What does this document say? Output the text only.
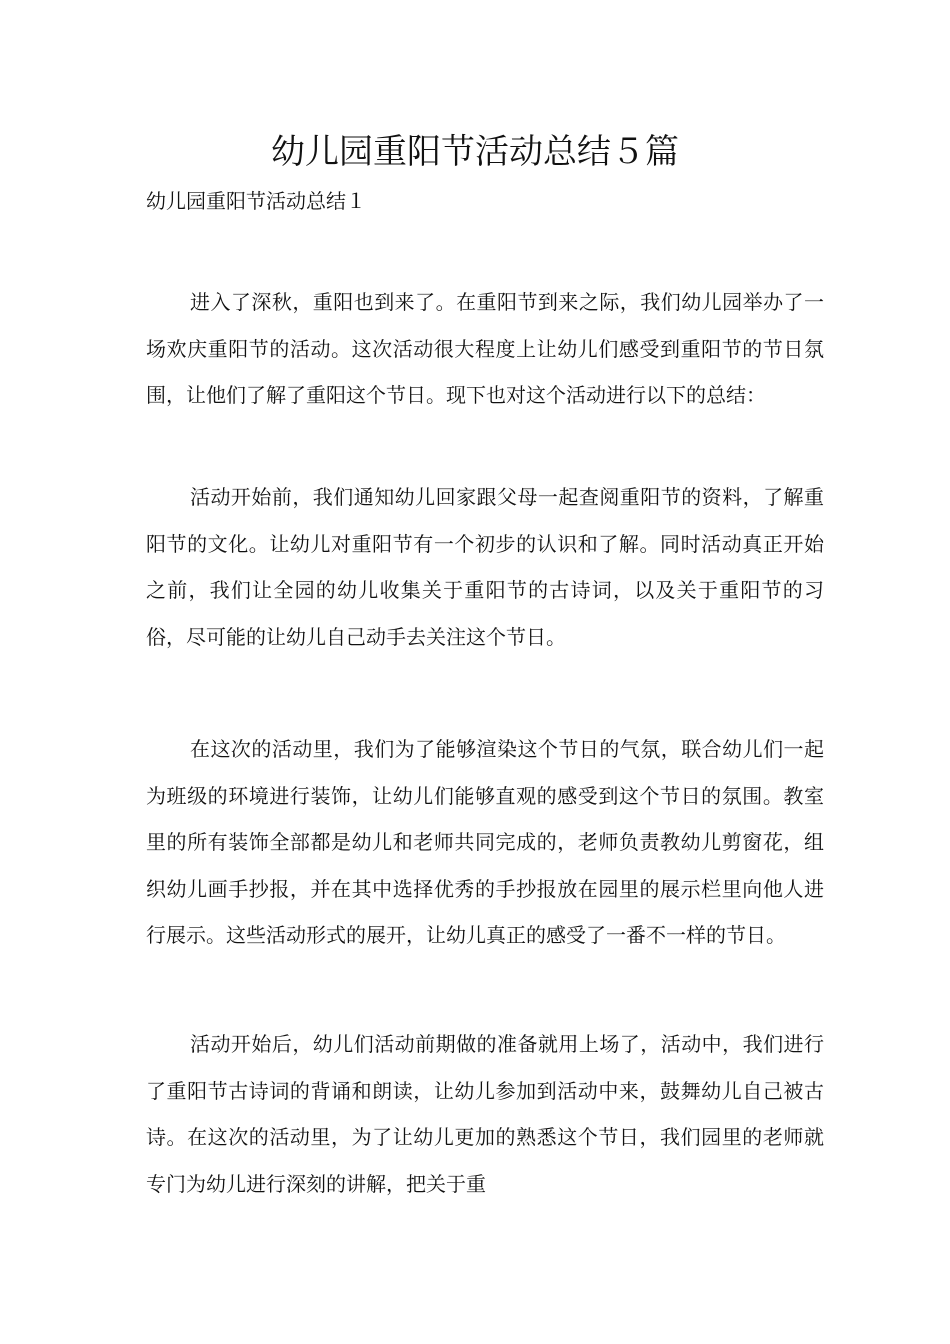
幼儿园重阳节活动总结５篇

幼儿园重阳节活动总结１

进入了深秋，重阳也到来了。在重阳节到来之际，我们幼儿园举办了一场欢庆重阳节的活动。这次活动很大程度上让幼儿们感受到重阳节的节日氛围，让他们了解了重阳这个节日。现下也对这个活动进行以下的总结：

活动开始前，我们通知幼儿回家跟父母一起查阅重阳节的资料，了解重阳节的文化。让幼儿对重阳节有一个初步的认识和了解。同时活动真正开始之前，我们让全园的幼儿收集关于重阳节的古诗词，以及关于重阳节的习俗，尽可能的让幼儿自己动手去关注这个节日。

在这次的活动里，我们为了能够渲染这个节日的气氛，联合幼儿们一起为班级的环境进行装饰，让幼儿们能够直观的感受到这个节日的氛围。教室里的所有装饰全部都是幼儿和老师共同完成的，老师负责教幼儿剪窗花，组织幼儿画手抄报，并在其中选择优秀的手抄报放在园里的展示栏里向他人进行展示。这些活动形式的展开，让幼儿真正的感受了一番不一样的节日。

活动开始后，幼儿们活动前期做的准备就用上场了，活动中，我们进行了重阳节古诗词的背诵和朗读，让幼儿参加到活动中来，鼓舞幼儿自己被古诗。在这次的活动里，为了让幼儿更加的熟悉这个节日，我们园里的老师就专门为幼儿进行深刻的讲解，把关于重
